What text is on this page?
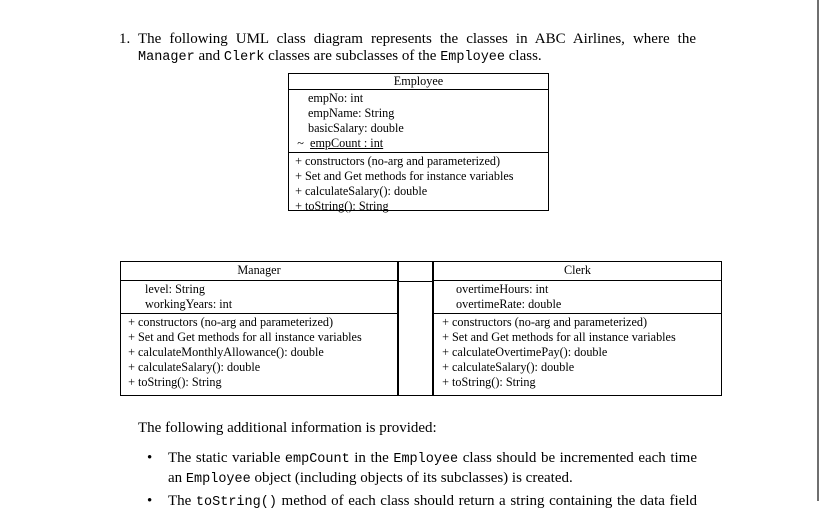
1. The following UML class diagram represents the classes in ABC Airlines, where the
Manager and Clerk classes are subclasses of the Employee class.
Employee
empNo: int
empName: String
basicSalary: double
~ empCount : int
+ constructors (no-arg and parameterized)
+ Set and Get methods for instance variables
+ calculateSalary(): double
+ toString(): String
Manager
level: String
workingYears: int
+ constructors (no-arg and parameterized)
+ Set and Get methods for all instance variables
+ calculateMonthlyAllowance(): double
+ calculateSalary(): double
+ toString(): String
Clerk
overtimeHours: int
overtimeRate: double
+ constructors (no-arg and parameterized)
+ Set and Get methods for all instance variables
+ calculateOvertimePay(): double
+ calculateSalary(): double
+ toString(): String
The following additional information is provided:
• The static variable empCount in the Employee class should be incremented each time
an Employee object (including objects of its subclasses) is created.
• The toString() method of each class should return a string containing the data field
